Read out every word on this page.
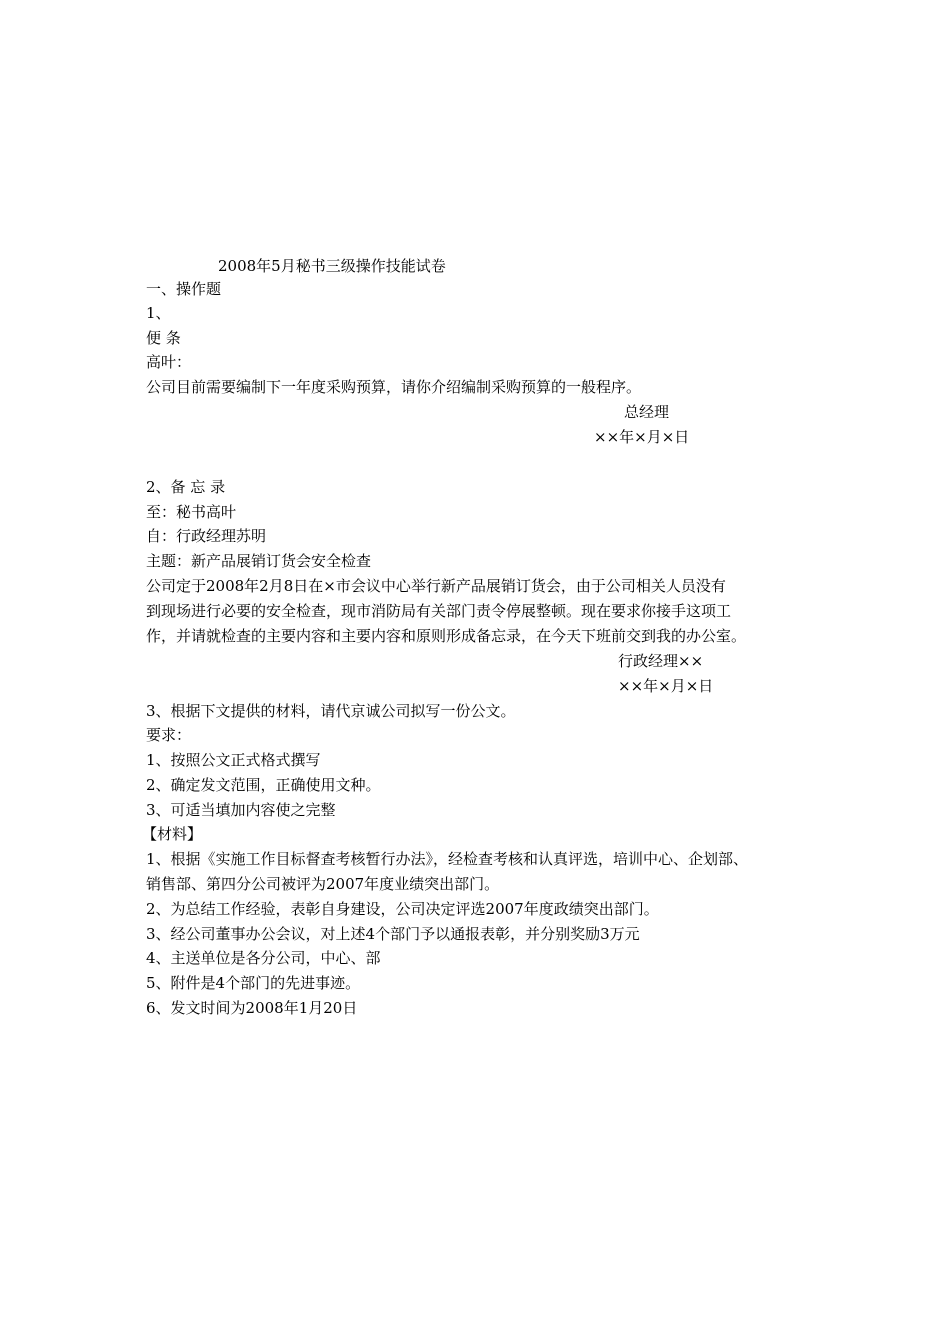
2008年5月秘书三级操作技能试卷
一、操作题
1、
便 条
高叶：
公司目前需要编制下一年度采购预算，请你介绍编制采购预算的一般程序。
总经理
××年×月×日
2、备 忘 录
至：秘书高叶
自：行政经理苏明
主题：新产品展销订货会安全检查
公司定于2008年2月8日在×市会议中心举行新产品展销订货会，由于公司相关人员没有
到现场进行必要的安全检查，现市消防局有关部门责令停展整顿。现在要求你接手这项工
作，并请就检查的主要内容和主要内容和原则形成备忘录，在今天下班前交到我的办公室。
行政经理××
××年×月×日
3、根据下文提供的材料，请代京诚公司拟写一份公文。
要求：
1、按照公文正式格式撰写
2、确定发文范围，正确使用文种。
3、可适当填加内容使之完整
【材料】
1、根据《实施工作目标督查考核暂行办法》，经检查考核和认真评选，培训中心、企划部、
销售部、第四分公司被评为2007年度业绩突出部门。
2、为总结工作经验，表彰自身建设，公司决定评选2007年度政绩突出部门。
3、经公司董事办公会议，对上述4个部门予以通报表彰，并分别奖励3万元
4、主送单位是各分公司，中心、部
5、附件是4个部门的先进事迹。
6、发文时间为2008年1月20日
